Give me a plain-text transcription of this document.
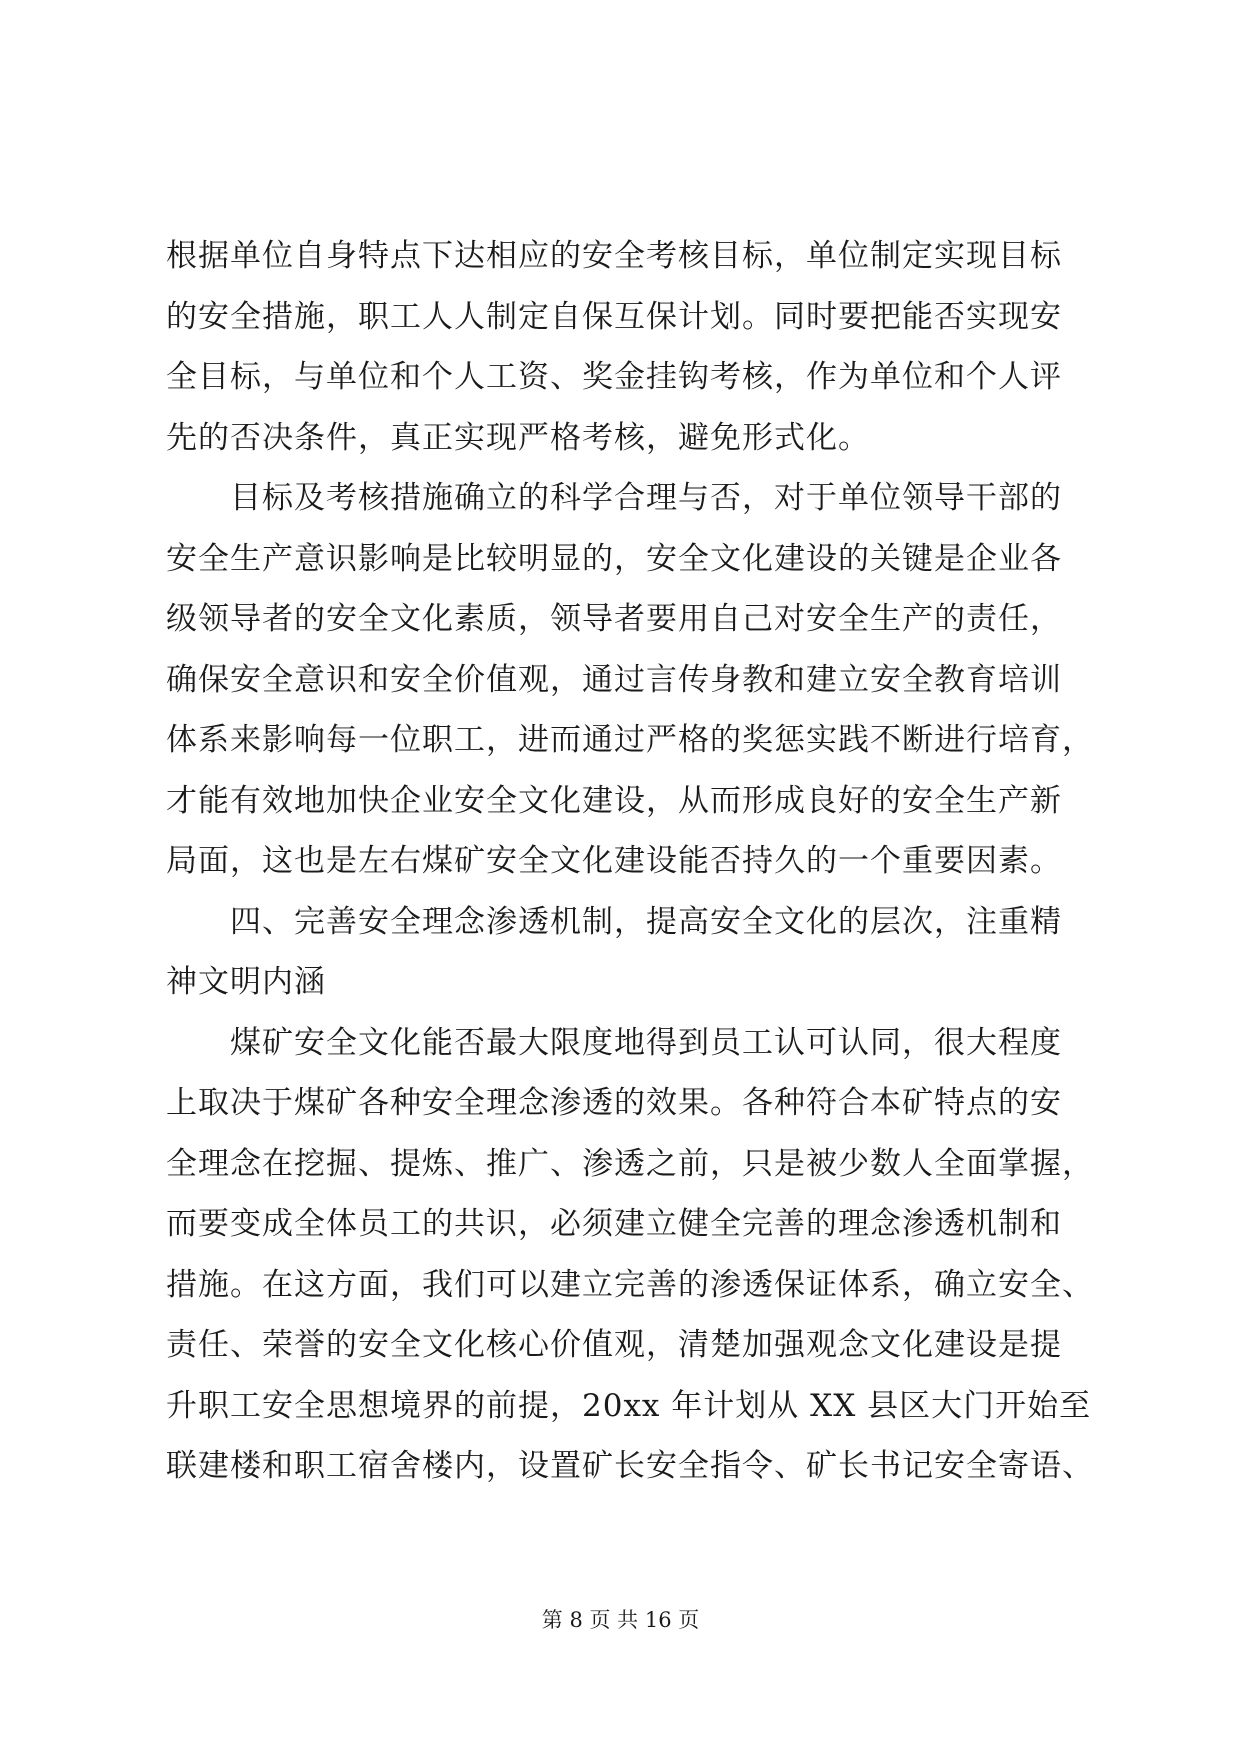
根据单位自身特点下达相应的安全考核目标，单位制定实现目标
的安全措施，职工人人制定自保互保计划。同时要把能否实现安
全目标，与单位和个人工资、奖金挂钩考核，作为单位和个人评
先的否决条件，真正实现严格考核，避免形式化。
目标及考核措施确立的科学合理与否，对于单位领导干部的
安全生产意识影响是比较明显的，安全文化建设的关键是企业各
级领导者的安全文化素质，领导者要用自己对安全生产的责任，
确保安全意识和安全价值观，通过言传身教和建立安全教育培训
体系来影响每一位职工，进而通过严格的奖惩实践不断进行培育，
才能有效地加快企业安全文化建设，从而形成良好的安全生产新
局面，这也是左右煤矿安全文化建设能否持久的一个重要因素。
四、完善安全理念渗透机制，提高安全文化的层次，注重精
神文明内涵
煤矿安全文化能否最大限度地得到员工认可认同，很大程度
上取决于煤矿各种安全理念渗透的效果。各种符合本矿特点的安
全理念在挖掘、提炼、推广、渗透之前，只是被少数人全面掌握，
而要变成全体员工的共识，必须建立健全完善的理念渗透机制和
措施。在这方面，我们可以建立完善的渗透保证体系，确立安全、
责任、荣誉的安全文化核心价值观，清楚加强观念文化建设是提
升职工安全思想境界的前提，20xx 年计划从 XX 县区大门开始至
联建楼和职工宿舍楼内，设置矿长安全指令、矿长书记安全寄语、
第 8 页 共 16 页
